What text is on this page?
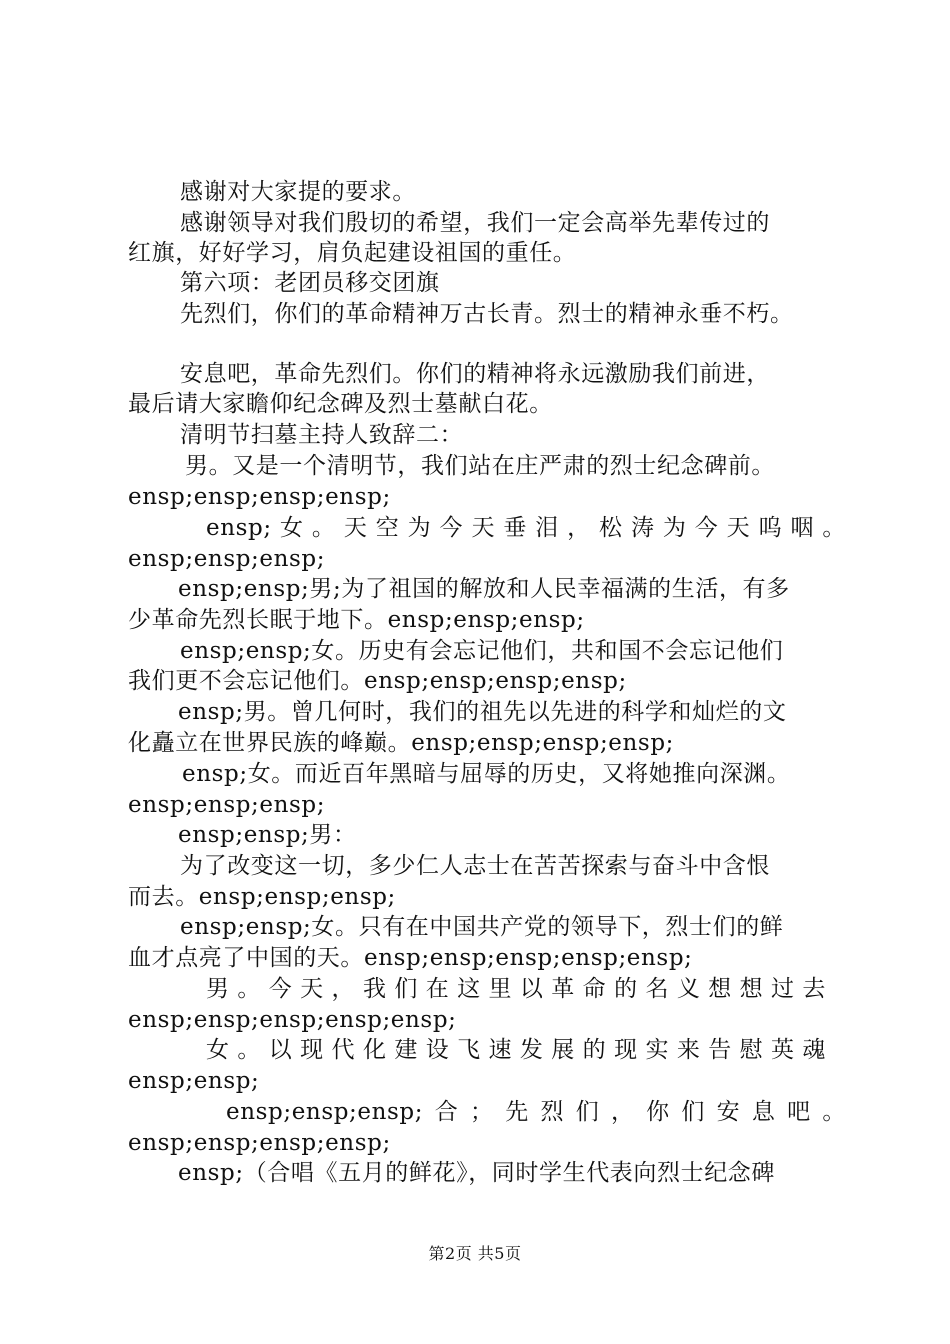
感谢对大家提的要求。
感谢领导对我们殷切的希望，我们一定会高举先辈传过的
红旗，好好学习，肩负起建设祖国的重任。
第六项：老团员移交团旗
先烈们，你们的革命精神万古长青。烈士的精神永垂不朽。
安息吧，革命先烈们。你们的精神将永远激励我们前进，
最后请大家瞻仰纪念碑及烈士墓献白花。
清明节扫墓主持人致辞二：
男。又是一个清明节，我们站在庄严肃的烈士纪念碑前。
ensp;ensp;ensp;ensp;
ensp;女。天空为今天垂泪，松涛为今天呜咽。
ensp;ensp;ensp;
ensp;ensp;男;为了祖国的解放和人民幸福满的生活，有多
少革命先烈长眠于地下。ensp;ensp;ensp;
ensp;ensp;女。历史有会忘记他们，共和国不会忘记他们
我们更不会忘记他们。ensp;ensp;ensp;ensp;
ensp;男。曾几何时，我们的祖先以先进的科学和灿烂的文
化矗立在世界民族的峰巅。ensp;ensp;ensp;ensp;
ensp;女。而近百年黑暗与屈辱的历史，又将她推向深渊。
ensp;ensp;ensp;
ensp;ensp;男：
为了改变这一切，多少仁人志士在苦苦探索与奋斗中含恨
而去。ensp;ensp;ensp;
ensp;ensp;女。只有在中国共产党的领导下，烈士们的鲜
血才点亮了中国的天。ensp;ensp;ensp;ensp;ensp;
男。今天，我们在这里以革命的名义想想过去
ensp;ensp;ensp;ensp;ensp;
女。以现代化建设飞速发展的现实来告慰英魂
ensp;ensp;
ensp;ensp;ensp;合；先烈们，你们安息吧。
ensp;ensp;ensp;ensp;
ensp;（合唱《五月的鲜花》，同时学生代表向烈士纪念碑
第2页 共5页
